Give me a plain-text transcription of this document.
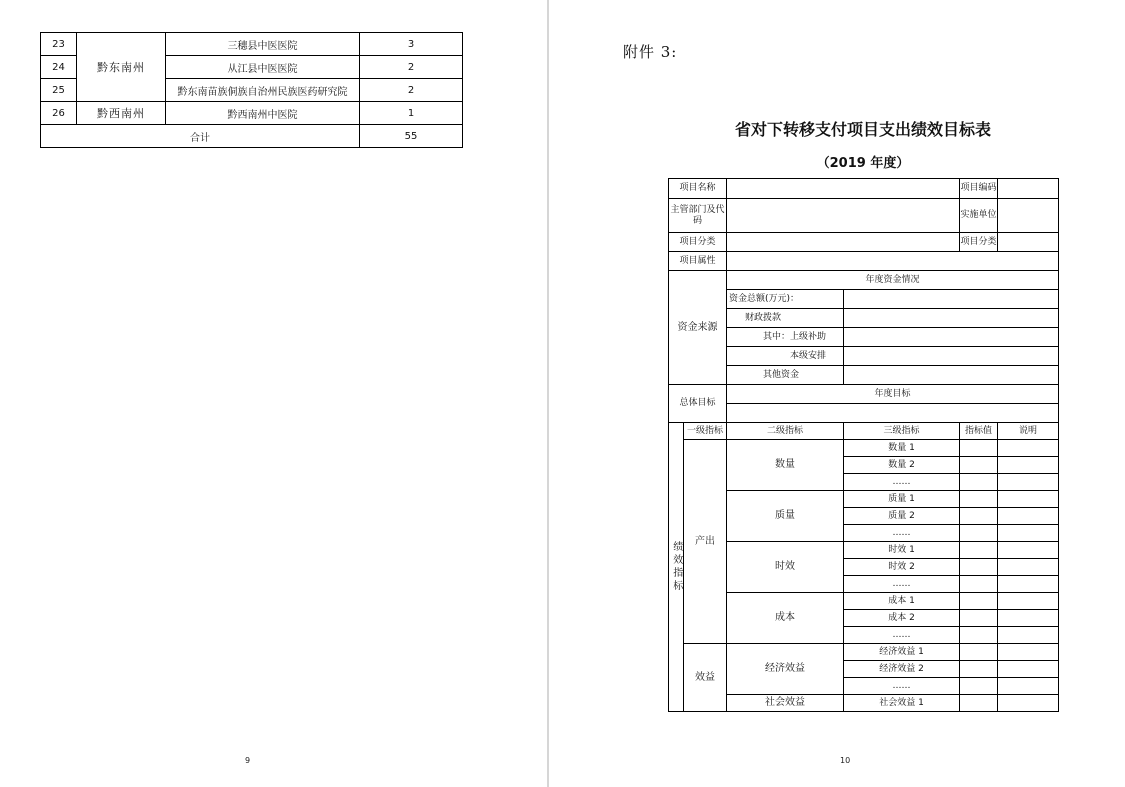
23	黔东南州	三穗县中医医院	3
24		从江县中医医院	2
25		黔东南苗族侗族自治州民族医药研究院	2
26	黔西南州	黔西南州中医院	1
合计			55
9
附件 3:
省对下转移支付项目支出绩效目标表
（2019 年度）
项目名称				项目编码	
主管部门及代码				实施单位	
项目分类				项目分类	
项目属性					
资金来源		年度资金情况			
		资金总额(万元)：			
		财政拨款			
		其中：上级补助			
		本级安排			
		其他资金			
总体目标		年度目标			

绩效指标	一级指标	二级指标	三级指标	指标值	说明
	产出	数量	数量 1		
			数量 2		
			……		
		质量	质量 1		
			质量 2		
			……		
		时效	时效 1		
			时效 2		
			……		
		成本	成本 1		
			成本 2		
			……		
	效益	经济效益	经济效益 1		
			经济效益 2		
			……		
		社会效益	社会效益 1		
10
